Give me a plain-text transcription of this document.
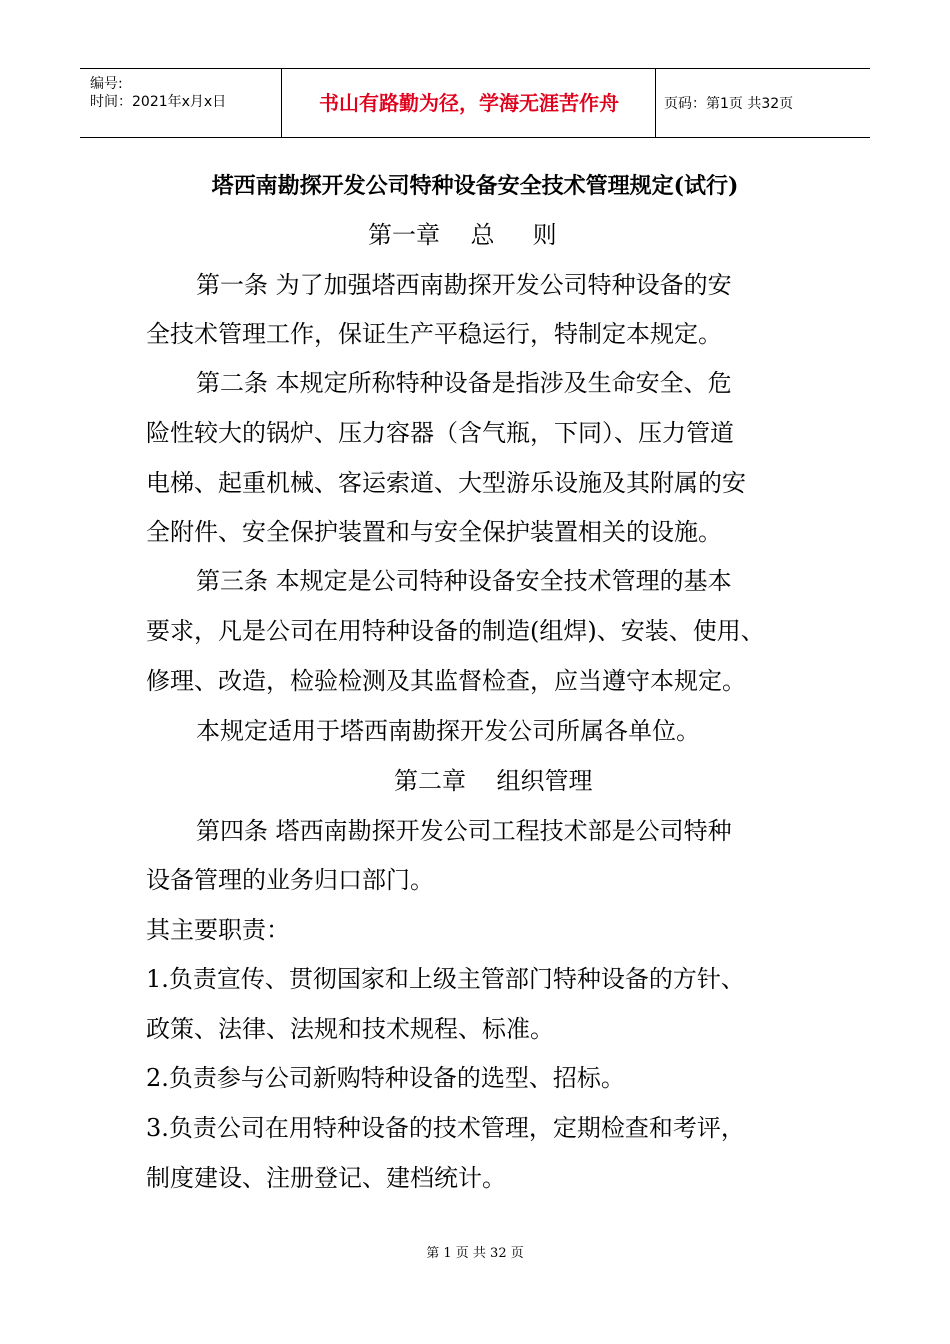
编号:
时间：2021年x月x日	书山有路勤为径，学海无涯苦作舟	页码：第1页 共32页
塔西南勘探开发公司特种设备安全技术管理规定(试行)
第一章    总     则
第一条 为了加强塔西南勘探开发公司特种设备的安
全技术管理工作，保证生产平稳运行，特制定本规定。
第二条 本规定所称特种设备是指涉及生命安全、危
险性较大的锅炉、压力容器（含气瓶，下同）、压力管道
电梯、起重机械、客运索道、大型游乐设施及其附属的安
全附件、安全保护装置和与安全保护装置相关的设施。
第三条 本规定是公司特种设备安全技术管理的基本
要求，凡是公司在用特种设备的制造(组焊)、安装、使用、
修理、改造，检验检测及其监督检查，应当遵守本规定。
本规定适用于塔西南勘探开发公司所属各单位。
第二章    组织管理
第四条 塔西南勘探开发公司工程技术部是公司特种
设备管理的业务归口部门。
其主要职责：
1.负责宣传、贯彻国家和上级主管部门特种设备的方针、
政策、法律、法规和技术规程、标准。
2.负责参与公司新购特种设备的选型、招标。
3.负责公司在用特种设备的技术管理，定期检查和考评，
制度建设、注册登记、建档统计。
第 1 页 共 32 页
